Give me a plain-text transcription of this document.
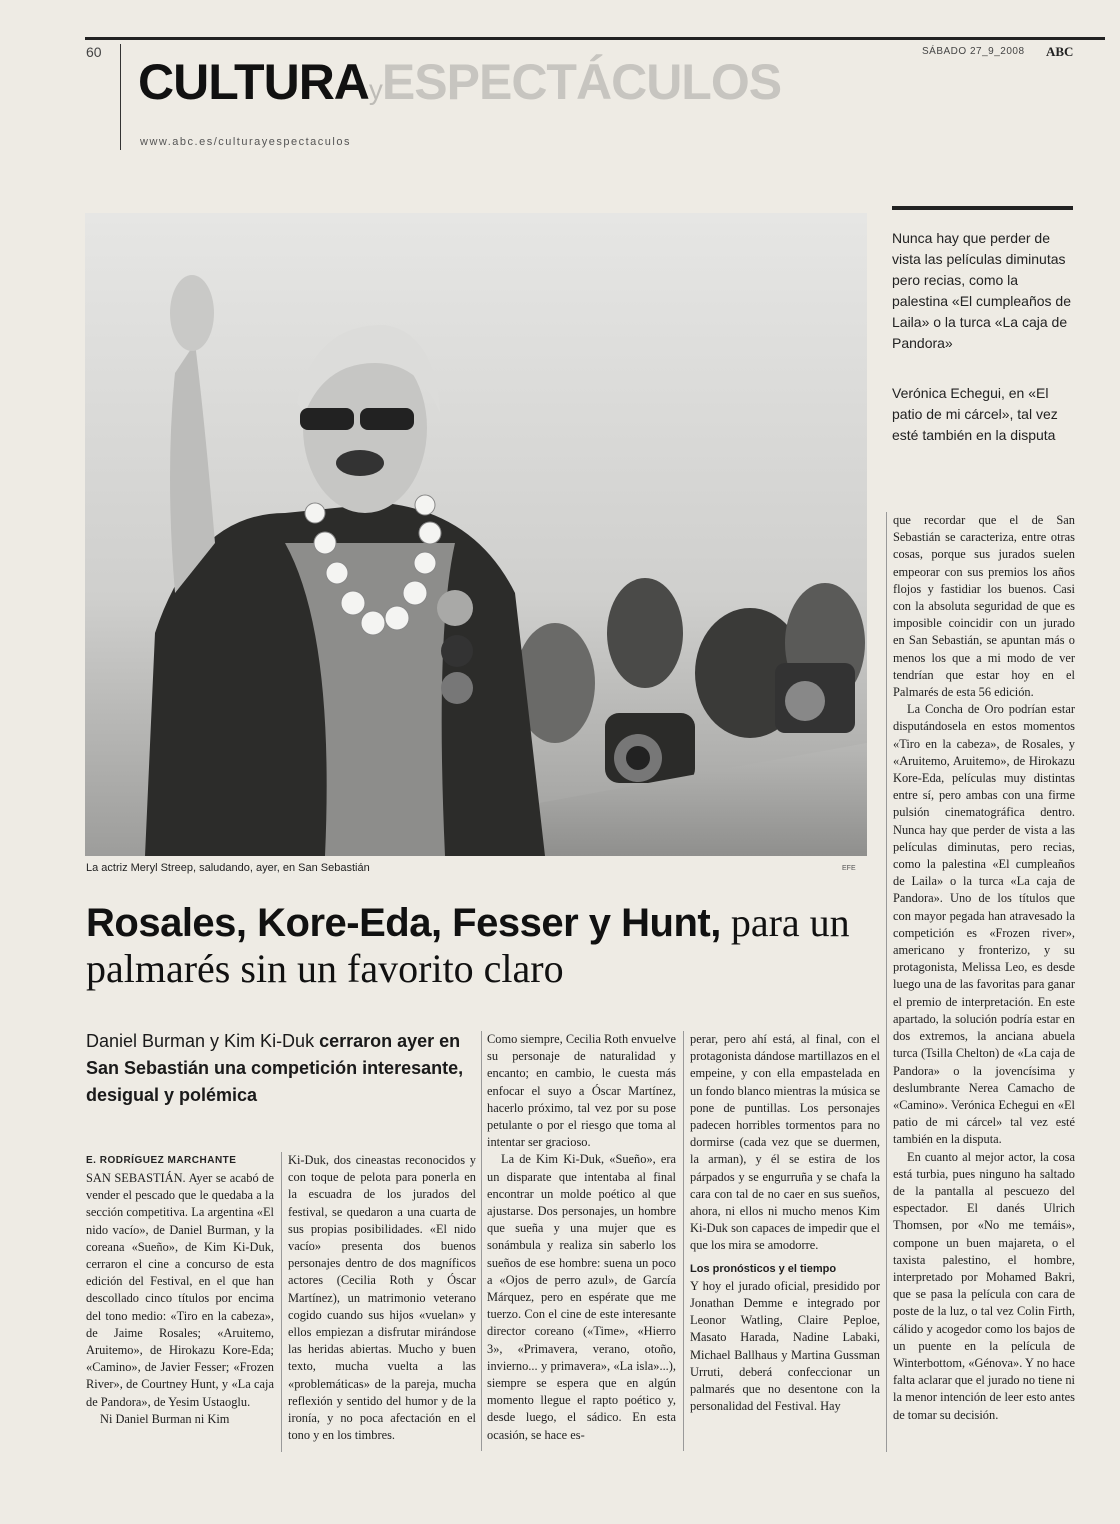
60
CULTURAyESPECTÁCULOS
SÁBADO 27_9_2008 ABC
www.abc.es/culturayespectaculos
La actriz Meryl Streep, saludando, ayer, en San Sebastián	EFE
Nunca hay que perder de vista las películas diminutas pero recias, como la palestina «El cumpleaños de Laila» o la turca «La caja de Pandora»
Verónica Echegui, en «El patio de mi cárcel», tal vez esté también en la disputa
Rosales, Kore-Eda, Fesser y Hunt, para un palmarés sin un favorito claro
Daniel Burman y Kim Ki-Duk cerraron ayer en San Sebastián una competición interesante, desigual y polémica
E. RODRÍGUEZ MARCHANTE

SAN SEBASTIÁN. Ayer se acabó de vender el pescado que le quedaba a la sección competitiva. La argentina «El nido vacío», de Daniel Burman, y la coreana «Sueño», de Kim Ki-Duk, cerraron el cine a concurso de esta edición del Festival, en el que han descollado cinco títulos por encima del tono medio: «Tiro en la cabeza», de Jaime Rosales; «Aruitemo, Aruitemo», de Hirokazu Kore-Eda; «Camino», de Javier Fesser; «Frozen River», de Courtney Hunt, y «La caja de Pandora», de Yesim Ustaoglu.

Ni Daniel Burman ni Kim

Ki-Duk, dos cineastas reconocidos y con toque de pelota para ponerla en la escuadra de los jurados del festival, se quedaron a una cuarta de sus propias posibilidades. «El nido vacío» presenta dos buenos personajes dentro de dos magníficos actores (Cecilia Roth y Óscar Martínez), un matrimonio veterano cogido cuando sus hijos «vuelan» y ellos empiezan a disfrutar mirándose las heridas abiertas. Mucho y buen texto, mucha vuelta a las «problemáticas» de la pareja, mucha reflexión y sentido del humor y de la ironía, y no poca afectación en el tono y en los timbres.

Como siempre, Cecilia Roth envuelve su personaje de naturalidad y encanto; en cambio, le cuesta más enfocar el suyo a Óscar Martínez, hacerlo próximo, tal vez por su pose petulante o por el riesgo que toma al intentar ser gracioso.

La de Kim Ki-Duk, «Sueño», era un disparate que intentaba al final encontrar un molde poético al que ajustarse. Dos personajes, un hombre que sueña y una mujer que es sonámbula y realiza sin saberlo los sueños de ese hombre: suena un poco a «Ojos de perro azul», de García Márquez, pero en espérate que me tuerzo. Con el cine de este interesante director coreano («Time», «Hierro 3», «Primavera, verano, otoño, invierno... y primavera», «La isla»...), siempre se espera que en algún momento llegue el rapto poético y, desde luego, el sádico. En esta ocasión, se hace es-

perar, pero ahí está, al final, con el protagonista dándose martillazos en el empeine, y con ella empastelada en un fondo blanco mientras la música se pone de puntillas. Los personajes padecen horribles tormentos para no dormirse (cada vez que se duermen, la arman), y él se estira de los párpados y se engurruña y se chafa la cara con tal de no caer en sus sueños, ahora, ni ellos ni mucho menos Kim Ki-Duk son capaces de impedir que el que los mira se amodorre.

Los pronósticos y el tiempo

Y hoy el jurado oficial, presidido por Jonathan Demme e integrado por Leonor Watling, Claire Peploe, Masato Harada, Nadine Labaki, Michael Ballhaus y Martina Gussman Urruti, deberá confeccionar un palmarés que no desentone con la personalidad del Festival. Hay

que recordar que el de San Sebastián se caracteriza, entre otras cosas, porque sus jurados suelen empeorar con sus premios los años flojos y fastidiar los buenos. Casi con la absoluta seguridad de que es imposible coincidir con un jurado en San Sebastián, se apuntan más o menos los que a mi modo de ver tendrían que estar hoy en el Palmarés de esta 56 edición.

La Concha de Oro podrían estar disputándosela en estos momentos «Tiro en la cabeza», de Rosales, y «Aruitemo, Aruitemo», de Hirokazu Kore-Eda, películas muy distintas entre sí, pero ambas con una firme pulsión cinematográfica dentro. Nunca hay que perder de vista a las películas diminutas, pero recias, como la palestina «El cumpleaños de Laila» o la turca «La caja de Pandora». Uno de los títulos que con mayor pegada han atravesado la competición es «Frozen river», americano y fronterizo, y su protagonista, Melissa Leo, es desde luego una de las favoritas para ganar el premio de interpretación. En este apartado, la solución podría estar en dos extremos, la anciana abuela turca (Tsilla Chelton) de «La caja de Pandora» o la jovencísima y deslumbrante Nerea Camacho de «Camino». Verónica Echegui en «El patio de mi cárcel» tal vez esté también en la disputa.

En cuanto al mejor actor, la cosa está turbia, pues ninguno ha saltado de la pantalla al pescuezo del espectador. El danés Ulrich Thomsen, por «No me temáis», compone un buen majareta, o el taxista palestino, el hombre, interpretado por Mohamed Bakri, que se pasa la película con cara de poste de la luz, o tal vez Colin Firth, cálido y acogedor como los bajos de un puente en la película de Winterbottom, «Génova». Y no hace falta aclarar que el jurado no tiene ni la menor intención de leer esto antes de tomar su decisión.
